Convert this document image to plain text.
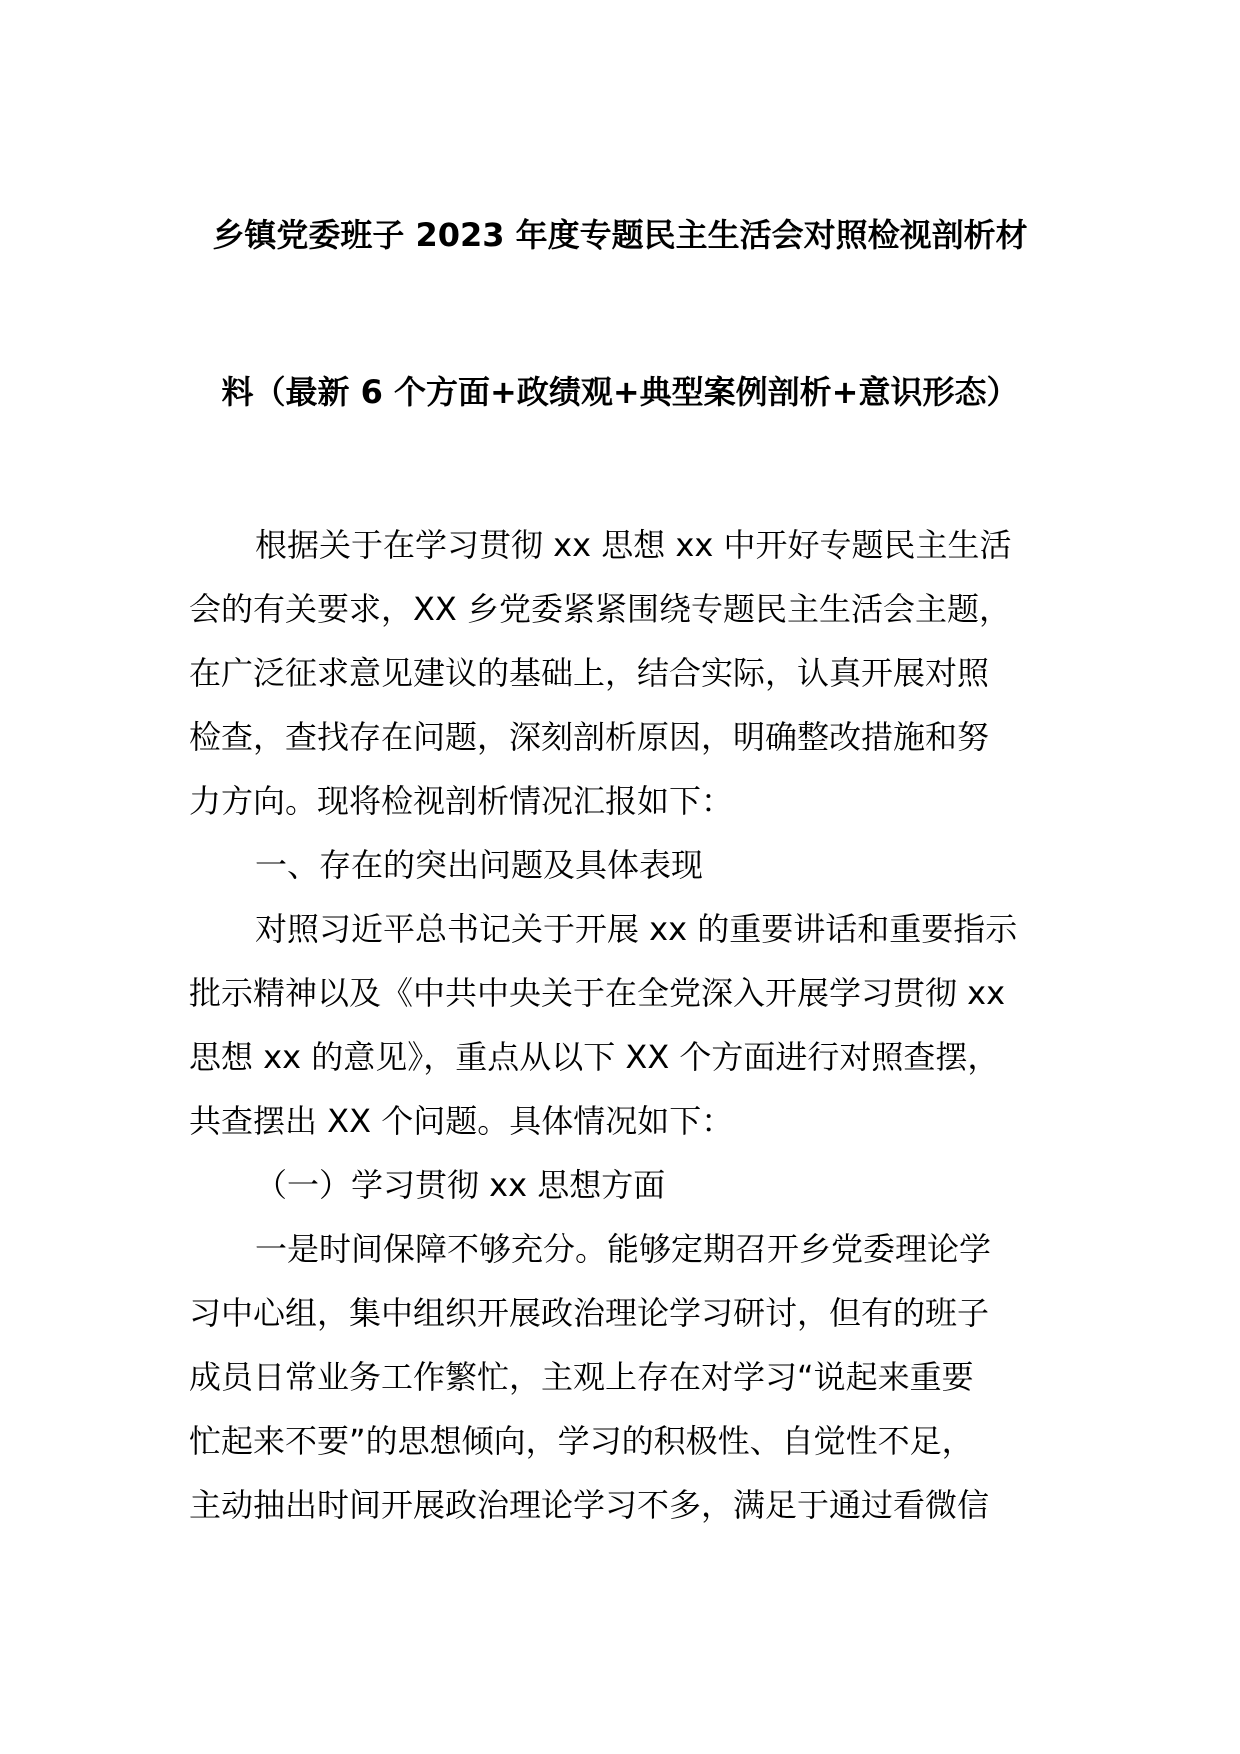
乡镇党委班子 2023 年度专题民主生活会对照检视剖析材
料（最新 6 个方面+政绩观+典型案例剖析+意识形态）
根据关于在学习贯彻 xx 思想 xx 中开好专题民主生活
会的有关要求，XX 乡党委紧紧围绕专题民主生活会主题，
在广泛征求意见建议的基础上，结合实际，认真开展对照
检查，查找存在问题，深刻剖析原因，明确整改措施和努
力方向。现将检视剖析情况汇报如下：
一、存在的突出问题及具体表现
对照习近平总书记关于开展 xx 的重要讲话和重要指示
批示精神以及《中共中央关于在全党深入开展学习贯彻 xx
思想 xx 的意见》，重点从以下 XX 个方面进行对照查摆，
共查摆出 XX 个问题。具体情况如下：
（一）学习贯彻 xx 思想方面
一是时间保障不够充分。能够定期召开乡党委理论学
习中心组，集中组织开展政治理论学习研讨，但有的班子
成员日常业务工作繁忙，主观上存在对学习“说起来重要
忙起来不要”的思想倾向，学习的积极性、自觉性不足，
主动抽出时间开展政治理论学习不多，满足于通过看微信
